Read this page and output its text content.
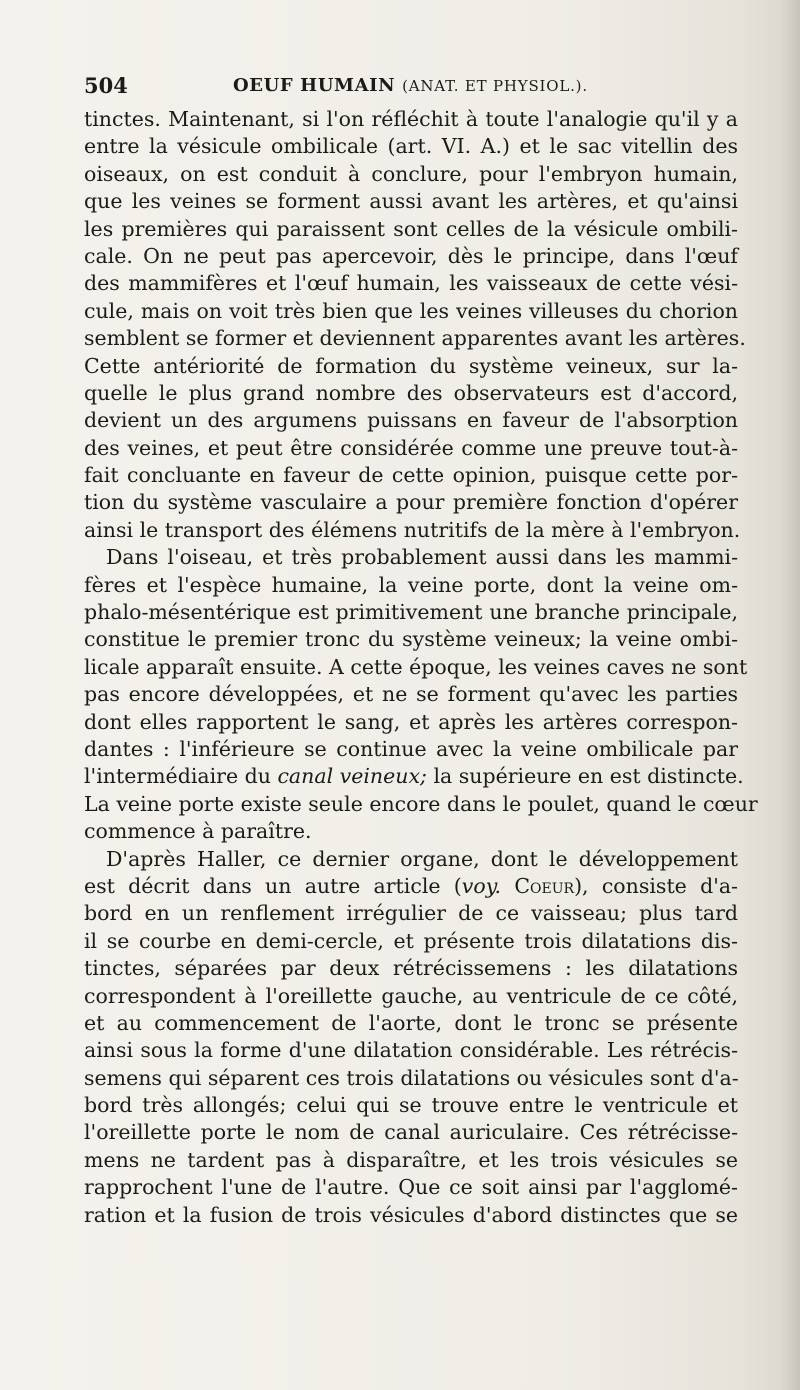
504	OEUF HUMAIN (ANAT. ET PHYSIOL.).
tinctes. Maintenant, si l'on réfléchit à toute l'analogie qu'il y a
entre la vésicule ombilicale (art. VI. A.) et le sac vitellin des
oiseaux, on est conduit à conclure, pour l'embryon humain,
que les veines se forment aussi avant les artères, et qu'ainsi
les premières qui paraissent sont celles de la vésicule ombili-
cale. On ne peut pas apercevoir, dès le principe, dans l'œuf
des mammifères et l'œuf humain, les vaisseaux de cette vési-
cule, mais on voit très bien que les veines villeuses du chorion
semblent se former et deviennent apparentes avant les artères.
Cette antériorité de formation du système veineux, sur la-
quelle le plus grand nombre des observateurs est d'accord,
devient un des argumens puissans en faveur de l'absorption
des veines, et peut être considérée comme une preuve tout-à-
fait concluante en faveur de cette opinion, puisque cette por-
tion du système vasculaire a pour première fonction d'opérer
ainsi le transport des élémens nutritifs de la mère à l'embryon.
Dans l'oiseau, et très probablement aussi dans les mammi-
fères et l'espèce humaine, la veine porte, dont la veine om-
phalo-mésentérique est primitivement une branche principale,
constitue le premier tronc du système veineux; la veine ombi-
licale apparaît ensuite. A cette époque, les veines caves ne sont
pas encore développées, et ne se forment qu'avec les parties
dont elles rapportent le sang, et après les artères correspon-
dantes : l'inférieure se continue avec la veine ombilicale par
l'intermédiaire du canal veineux; la supérieure en est distincte.
La veine porte existe seule encore dans le poulet, quand le cœur
commence à paraître.
D'après Haller, ce dernier organe, dont le développement
est décrit dans un autre article (voy. Coeur), consiste d'a-
bord en un renflement irrégulier de ce vaisseau; plus tard
il se courbe en demi-cercle, et présente trois dilatations dis-
tinctes, séparées par deux rétrécissemens : les dilatations
correspondent à l'oreillette gauche, au ventricule de ce côté,
et au commencement de l'aorte, dont le tronc se présente
ainsi sous la forme d'une dilatation considérable. Les rétrécis-
semens qui séparent ces trois dilatations ou vésicules sont d'a-
bord très allongés; celui qui se trouve entre le ventricule et
l'oreillette porte le nom de canal auriculaire. Ces rétrécisse-
mens ne tardent pas à disparaître, et les trois vésicules se
rapprochent l'une de l'autre. Que ce soit ainsi par l'agglomé-
ration et la fusion de trois vésicules d'abord distinctes que se
